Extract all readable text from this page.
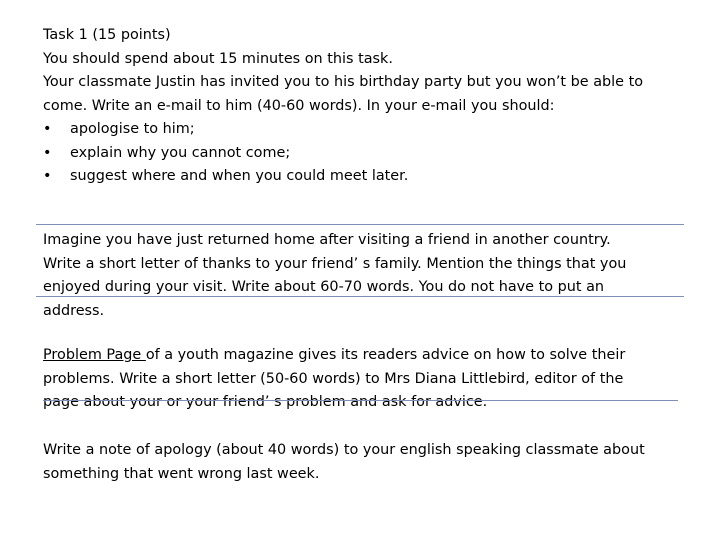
Task 1 (15 points)
You should spend about 15 minutes on this task.
Your classmate Justin has invited you to his birthday party but you won’t be able to
come. Write an e-mail to him (40-60 words). In your e-mail you should:
•	apologise to him;
•	explain why you cannot come;
•	suggest where and when you could meet later.
Imagine you have just returned home after visiting a friend in another country.
Write a short letter of thanks to your friend’ s family. Mention the things that you
enjoyed during your visit. Write about 60-70 words. You do not have to put an
address.
Problem Page of a youth magazine gives its readers advice on how to solve their
problems. Write a short letter (50-60 words) to Mrs Diana Littlebird, editor of the
page about your or your friend’ s problem and ask for advice.
Write a note of apology (about 40 words) to your english speaking classmate about
something that went wrong last week.
